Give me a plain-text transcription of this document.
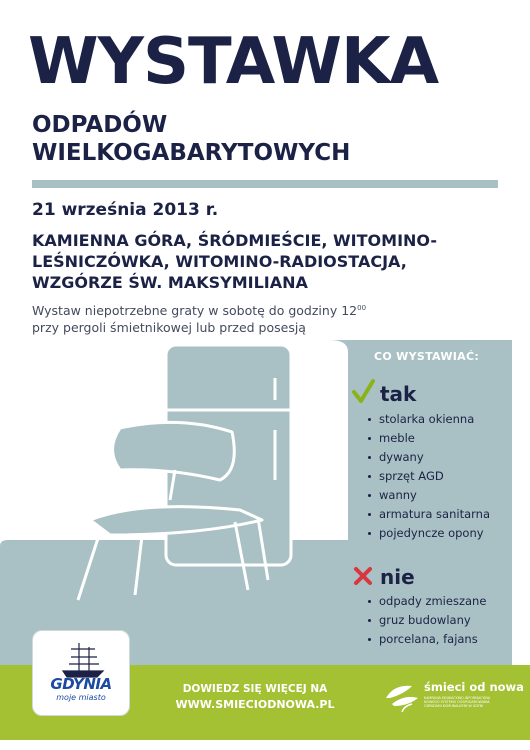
WYSTAWKA
ODPADÓW
WIELKOGABARYTOWYCH
21 września 2013 r.
KAMIENNA GÓRA, ŚRÓDMIEŚCIE, WITOMINO-
LEŚNICZÓWKA, WITOMINO-RADIOSTACJA,
WZGÓRZE ŚW. MAKSYMILIANA
Wystaw niepotrzebne graty w sobotę do godziny $12^{00}$
przy pergoli śmietnikowej lub przed posesją
CO WYSTAWIAĆ:
tak
stolarka okienna
meble
dywany
sprzęt AGD
wanny
armatura sanitarna
pojedyncze opony
nie
odpady zmieszane
gruz budowlany
porcelana, fajans
DOWIEDZ SIĘ WIĘCEJ NA
WWW.SMIECIODNOWA.PL
GDYNIA
moje miasto
śmieci od nowa
KAMPANIA EDUKACYJNO-INFORMACYJNA NOWEGO SYSTEMU GOSPODAROWANIA ODPADAMI KOMUNALNYMI W GDYNI
